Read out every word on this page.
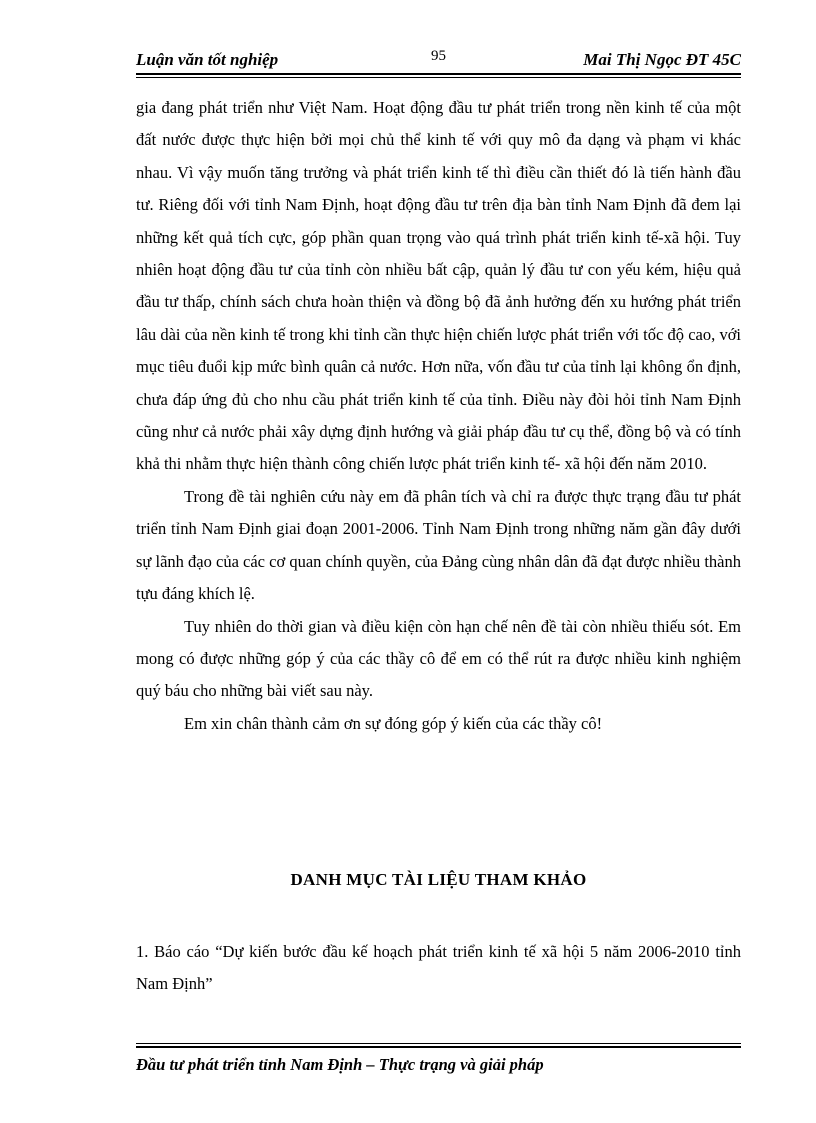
Luận văn tốt nghiệp	95	Mai Thị Ngọc ĐT 45C

gia đang phát triển như Việt Nam. Hoạt động đầu tư phát triển trong nền kinh tế của một đất nước được thực hiện bởi mọi chủ thể kinh tế với quy mô đa dạng và phạm vi khác nhau. Vì vậy muốn tăng trưởng và phát triển kinh tế thì điều cần thiết đó là tiến hành đầu tư. Riêng đối với tỉnh Nam Định, hoạt động đầu tư trên địa bàn tỉnh Nam Định đã đem lại những kết quả tích cực, góp phần quan trọng vào quá trình phát triển kinh tế-xã hội. Tuy nhiên hoạt động đầu tư của tỉnh còn nhiều bất cập, quản lý đầu tư con yếu kém, hiệu quả đầu tư thấp, chính sách chưa hoàn thiện và đồng bộ đã ảnh hưởng đến xu hướng phát triển lâu dài của nền kinh tế trong khi tỉnh cần thực hiện chiến lược phát triển với tốc độ cao, với mục tiêu đuổi kịp mức bình quân cả nước. Hơn nữa, vốn đầu tư của tỉnh lại không ổn định, chưa đáp ứng đủ cho nhu cầu phát triển kinh tế của tỉnh. Điều này đòi hỏi tỉnh Nam Định cũng như cả nước phải xây dựng định hướng và giải pháp đầu tư cụ thể, đồng bộ và có tính khả thi nhằm thực hiện thành công chiến lược phát triển kinh tế- xã hội đến năm 2010.

Trong đề tài nghiên cứu này em đã phân tích và chỉ ra được thực trạng đầu tư phát triển tỉnh Nam Định giai đoạn 2001-2006. Tỉnh Nam Định trong những năm gần đây dưới sự lãnh đạo của các cơ quan chính quyền, của Đảng cùng nhân dân đã đạt được nhiều thành tựu đáng khích lệ.

Tuy nhiên do thời gian và điều kiện còn hạn chế nên đề tài còn nhiều thiếu sót. Em mong có được những góp ý của các thầy cô để em có thể rút ra được nhiều kinh nghiệm quý báu cho những bài viết sau này.

Em xin chân thành cảm ơn sự đóng góp ý kiến của các thầy cô!

DANH MỤC TÀI LIỆU THAM KHẢO
1. Báo cáo “Dự kiến bước đầu kế hoạch phát triển kinh tế xã hội 5 năm 2006-2010 tỉnh Nam Định”
Đầu tư phát triển tỉnh Nam Định – Thực trạng và giải pháp
